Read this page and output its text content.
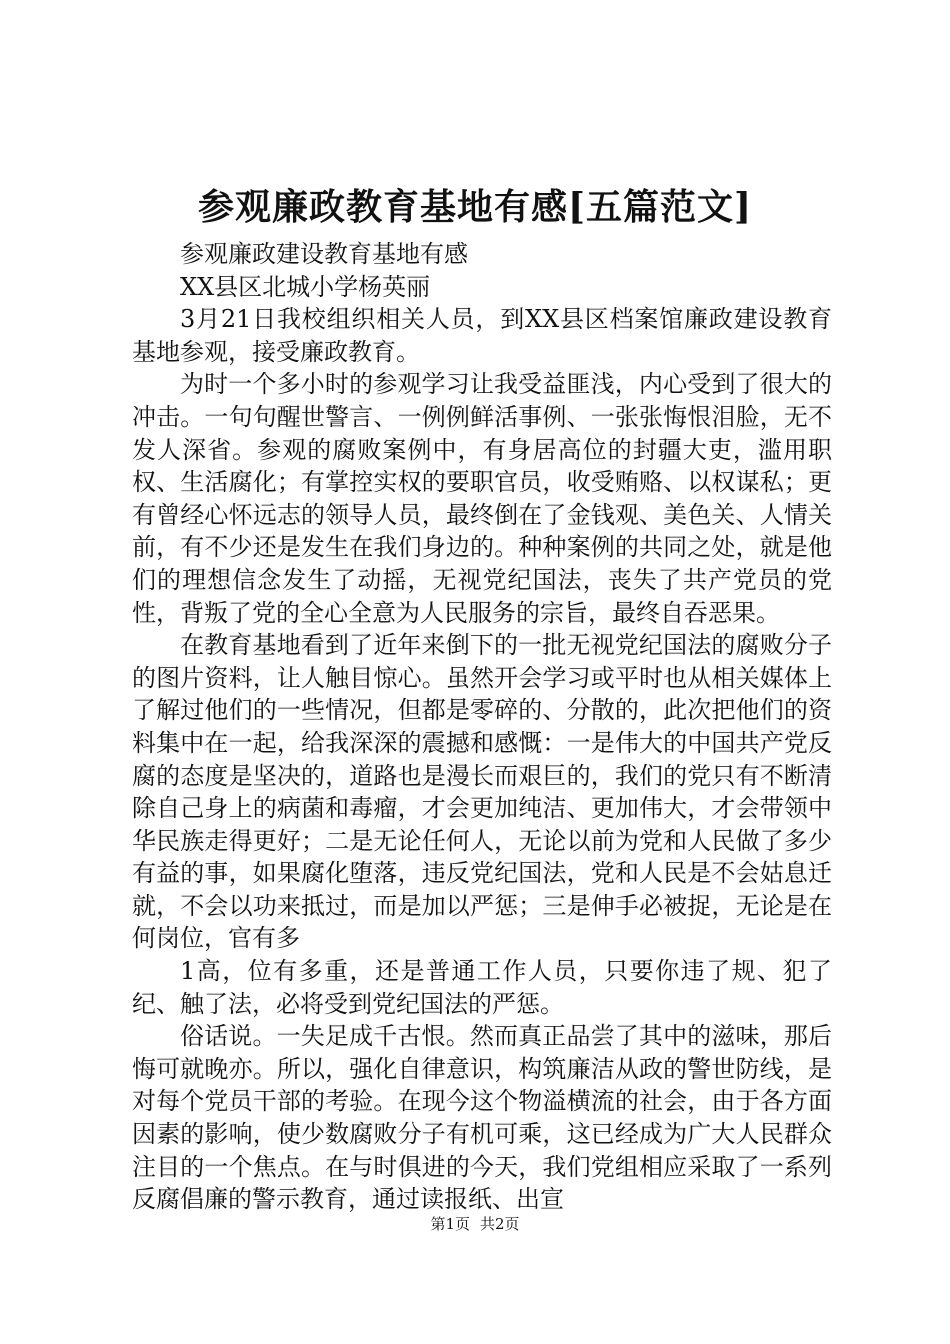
参观廉政教育基地有感[五篇范文]

参观廉政建设教育基地有感

XX县区北城小学杨英丽

3月21日我校组织相关人员，到XX县区档案馆廉政建设教育基地参观，接受廉政教育。

为时一个多小时的参观学习让我受益匪浅，内心受到了很大的冲击。一句句醒世警言、一例例鲜活事例、一张张悔恨泪脸，无不发人深省。参观的腐败案例中，有身居高位的封疆大吏，滥用职权、生活腐化；有掌控实权的要职官员，收受贿赂、以权谋私；更有曾经心怀远志的领导人员，最终倒在了金钱观、美色关、人情关前，有不少还是发生在我们身边的。种种案例的共同之处，就是他们的理想信念发生了动摇，无视党纪国法，丧失了共产党员的党性，背叛了党的全心全意为人民服务的宗旨，最终自吞恶果。

在教育基地看到了近年来倒下的一批无视党纪国法的腐败分子的图片资料，让人触目惊心。虽然开会学习或平时也从相关媒体上了解过他们的一些情况，但都是零碎的、分散的，此次把他们的资料集中在一起，给我深深的震撼和感慨：一是伟大的中国共产党反腐的态度是坚决的，道路也是漫长而艰巨的，我们的党只有不断清除自己身上的病菌和毒瘤，才会更加纯洁、更加伟大，才会带领中华民族走得更好；二是无论任何人，无论以前为党和人民做了多少有益的事，如果腐化堕落，违反党纪国法，党和人民是不会姑息迁就，不会以功来抵过，而是加以严惩；三是伸手必被捉，无论是在何岗位，官有多

1高，位有多重，还是普通工作人员，只要你违了规、犯了纪、触了法，必将受到党纪国法的严惩。

俗话说。一失足成千古恨。然而真正品尝了其中的滋味，那后悔可就晚亦。所以，强化自律意识，构筑廉洁从政的警世防线，是对每个党员干部的考验。在现今这个物溢横流的社会，由于各方面因素的影响，使少数腐败分子有机可乘，这已经成为广大人民群众注目的一个焦点。在与时俱进的今天，我们党组相应采取了一系列反腐倡廉的警示教育，通过读报纸、出宣

第1页 共2页
